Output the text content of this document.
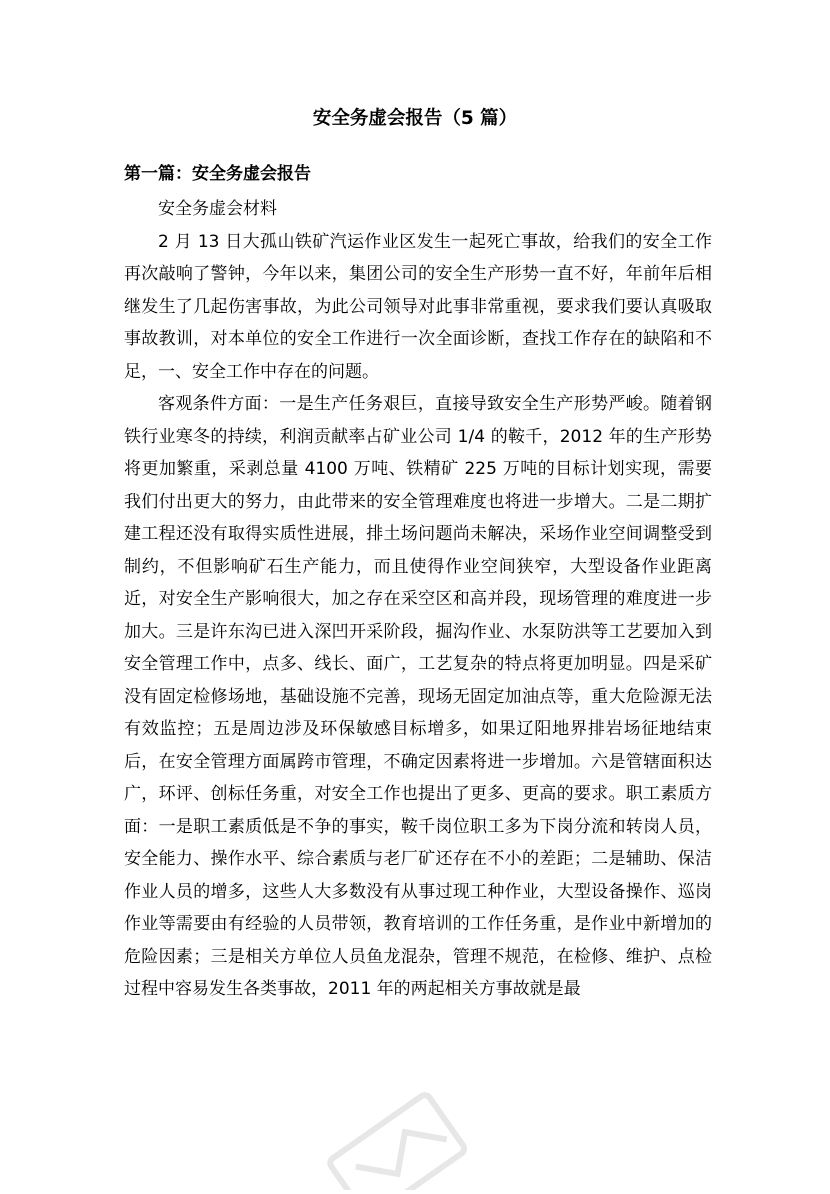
安全务虚会报告（5 篇）
第一篇：安全务虚会报告

安全务虚会材料

2 月 13 日大孤山铁矿汽运作业区发生一起死亡事故，给我们的安全工作再次敲响了警钟，今年以来，集团公司的安全生产形势一直不好，年前年后相继发生了几起伤害事故，为此公司领导对此事非常重视，要求我们要认真吸取事故教训，对本单位的安全工作进行一次全面诊断，查找工作存在的缺陷和不足，一、安全工作中存在的问题。

客观条件方面：一是生产任务艰巨，直接导致安全生产形势严峻。随着钢铁行业寒冬的持续，利润贡献率占矿业公司 1/4 的鞍千，2012 年的生产形势将更加繁重，采剥总量 4100 万吨、铁精矿 225 万吨的目标计划实现，需要我们付出更大的努力，由此带来的安全管理难度也将进一步增大。二是二期扩建工程还没有取得实质性进展，排土场问题尚未解决，采场作业空间调整受到制约，不但影响矿石生产能力，而且使得作业空间狭窄，大型设备作业距离近，对安全生产影响很大，加之存在采空区和高并段，现场管理的难度进一步加大。三是许东沟已进入深凹开采阶段，掘沟作业、水泵防洪等工艺要加入到安全管理工作中，点多、线长、面广，工艺复杂的特点将更加明显。四是采矿没有固定检修场地，基础设施不完善，现场无固定加油点等，重大危险源无法有效监控；五是周边涉及环保敏感目标增多，如果辽阳地界排岩场征地结束后，在安全管理方面属跨市管理，不确定因素将进一步增加。六是管辖面积达广，环评、创标任务重，对安全工作也提出了更多、更高的要求。职工素质方面：一是职工素质低是不争的事实，鞍千岗位职工多为下岗分流和转岗人员，安全能力、操作水平、综合素质与老厂矿还存在不小的差距；二是辅助、保洁作业人员的增多，这些人大多数没有从事过现工种作业，大型设备操作、巡岗作业等需要由有经验的人员带领，教育培训的工作任务重，是作业中新增加的危险因素；三是相关方单位人员鱼龙混杂，管理不规范，在检修、维护、点检过程中容易发生各类事故，2011 年的两起相关方事故就是最
